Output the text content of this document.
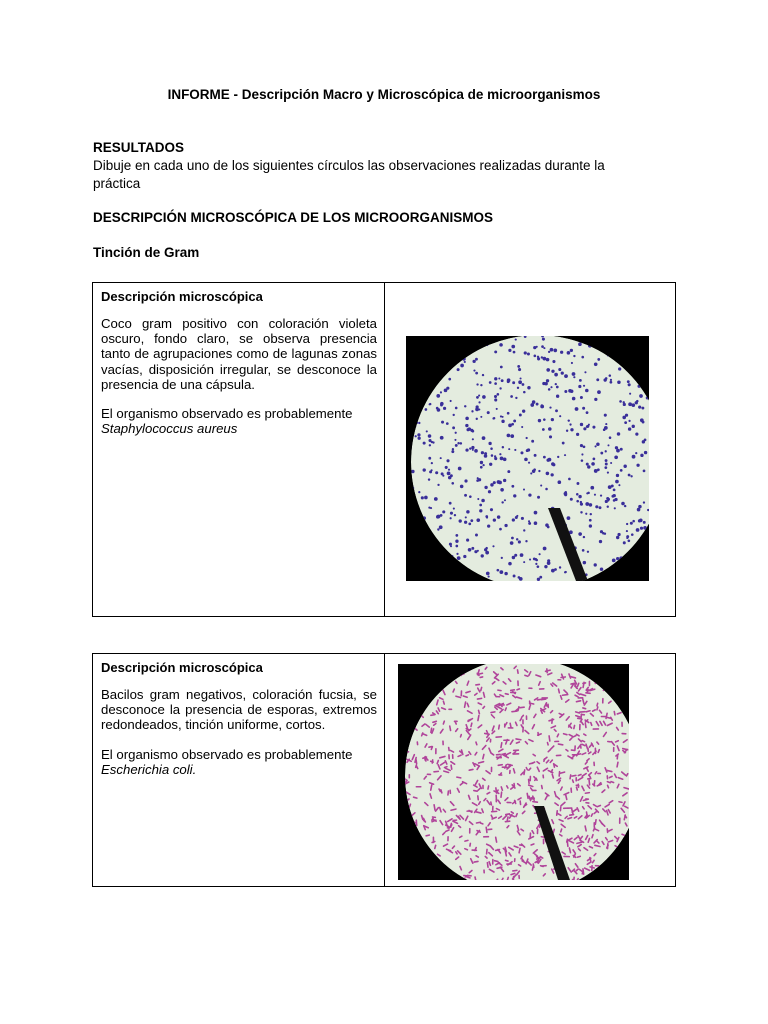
INFORME - Descripción Macro y Microscópica de microorganismos
RESULTADOS
Dibuje en cada uno de los siguientes círculos las observaciones realizadas durante la
práctica
DESCRIPCIÓN MICROSCÓPICA DE LOS MICROORGANISMOS
Tinción de Gram
Descripción microscópica

Coco gram positivo con coloración violeta oscuro, fondo claro, se observa presencia tanto de agrupaciones como de lagunas zonas vacías, disposición irregular, se desconoce la presencia de una cápsula.

El organismo observado es probablemente
Staphylococcus aureus

Descripción microscópica

Bacilos gram negativos, coloración fucsia, se desconoce la presencia de esporas, extremos redondeados, tinción uniforme, cortos.

El organismo observado es probablemente
Escherichia coli.
